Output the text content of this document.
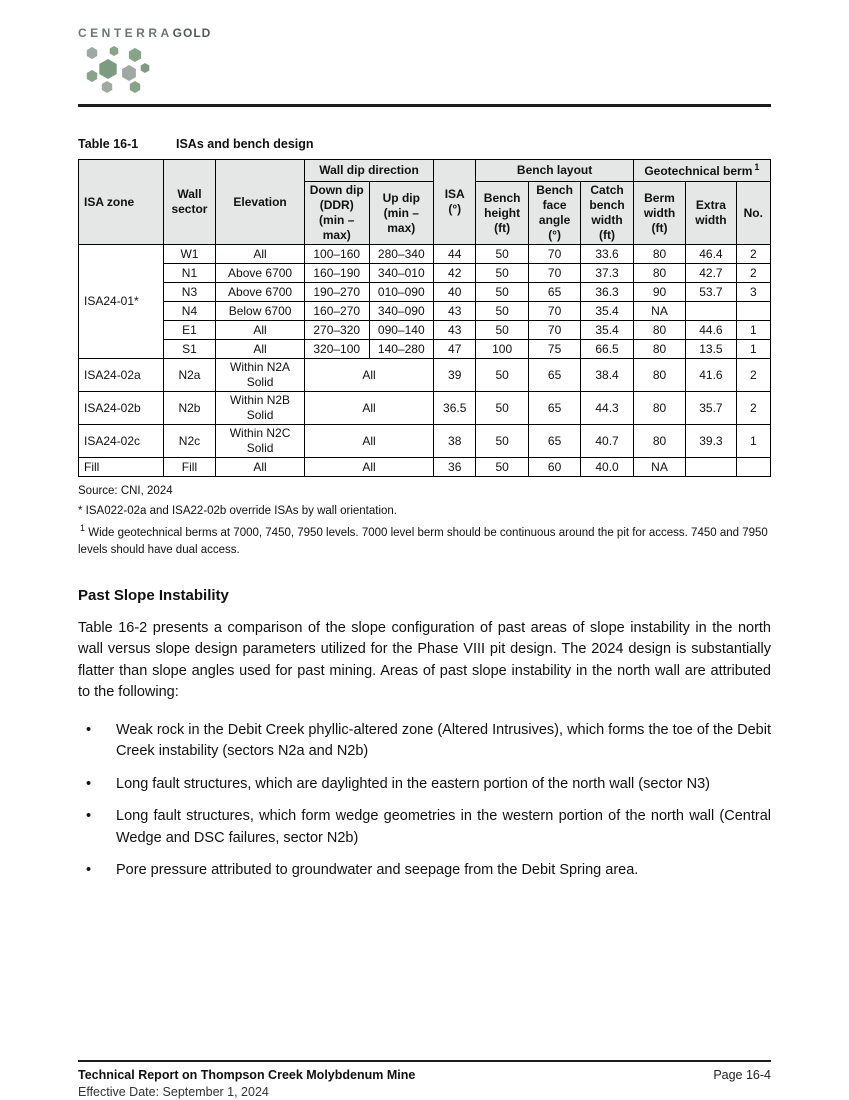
CENTERRAGOLD
Table 16-1	ISAs and bench design
ISA zone	Wall sector	Elevation	Wall dip direction		ISA (°)	Bench layout			Geotechnical berm $^1$
			Down dip (DDR) (min – max)	Up dip (min – max)		Bench height (ft)	Bench face angle (°)	Catch bench width (ft)	Berm width (ft)	Extra width	No.
ISA24-01*	W1	All	100–160	280–340	44	50	70	33.6	80	46.4	2
	N1	Above 6700	160–190	340–010	42	50	70	37.3	80	42.7	2
	N3	Above 6700	190–270	010–090	40	50	65	36.3	90	53.7	3
	N4	Below 6700	160–270	340–090	43	50	70	35.4	NA		
	E1	All	270–320	090–140	43	50	70	35.4	80	44.6	1
	S1	All	320–100	140–280	47	100	75	66.5	80	13.5	1
ISA24-02a	N2a	Within N2A Solid	All		39	50	65	38.4	80	41.6	2
ISA24-02b	N2b	Within N2B Solid	All		36.5	50	65	44.3	80	35.7	2
ISA24-02c	N2c	Within N2C Solid	All		38	50	65	40.7	80	39.3	1
Fill	Fill	All	All		36	50	60	40.0	NA		
Source: CNI, 2024
* ISA022-02a and ISA22-02b override ISAs by wall orientation.
$^1$ Wide geotechnical berms at 7000, 7450, 7950 levels. 7000 level berm should be continuous around the pit for access. 7450 and 7950 levels should have dual access.
Past Slope Instability
Table 16-2 presents a comparison of the slope configuration of past areas of slope instability in the north wall versus slope design parameters utilized for the Phase VIII pit design. The 2024 design is substantially flatter than slope angles used for past mining. Areas of past slope instability in the north wall are attributed to the following:
•	Weak rock in the Debit Creek phyllic-altered zone (Altered Intrusives), which forms the toe of the Debit Creek instability (sectors N2a and N2b)
•	Long fault structures, which are daylighted in the eastern portion of the north wall (sector N3)
•	Long fault structures, which form wedge geometries in the western portion of the north wall (Central Wedge and DSC failures, sector N2b)
•	Pore pressure attributed to groundwater and seepage from the Debit Spring area.
Technical Report on Thompson Creek Molybdenum Mine	Page 16-4
Effective Date: September 1, 2024
